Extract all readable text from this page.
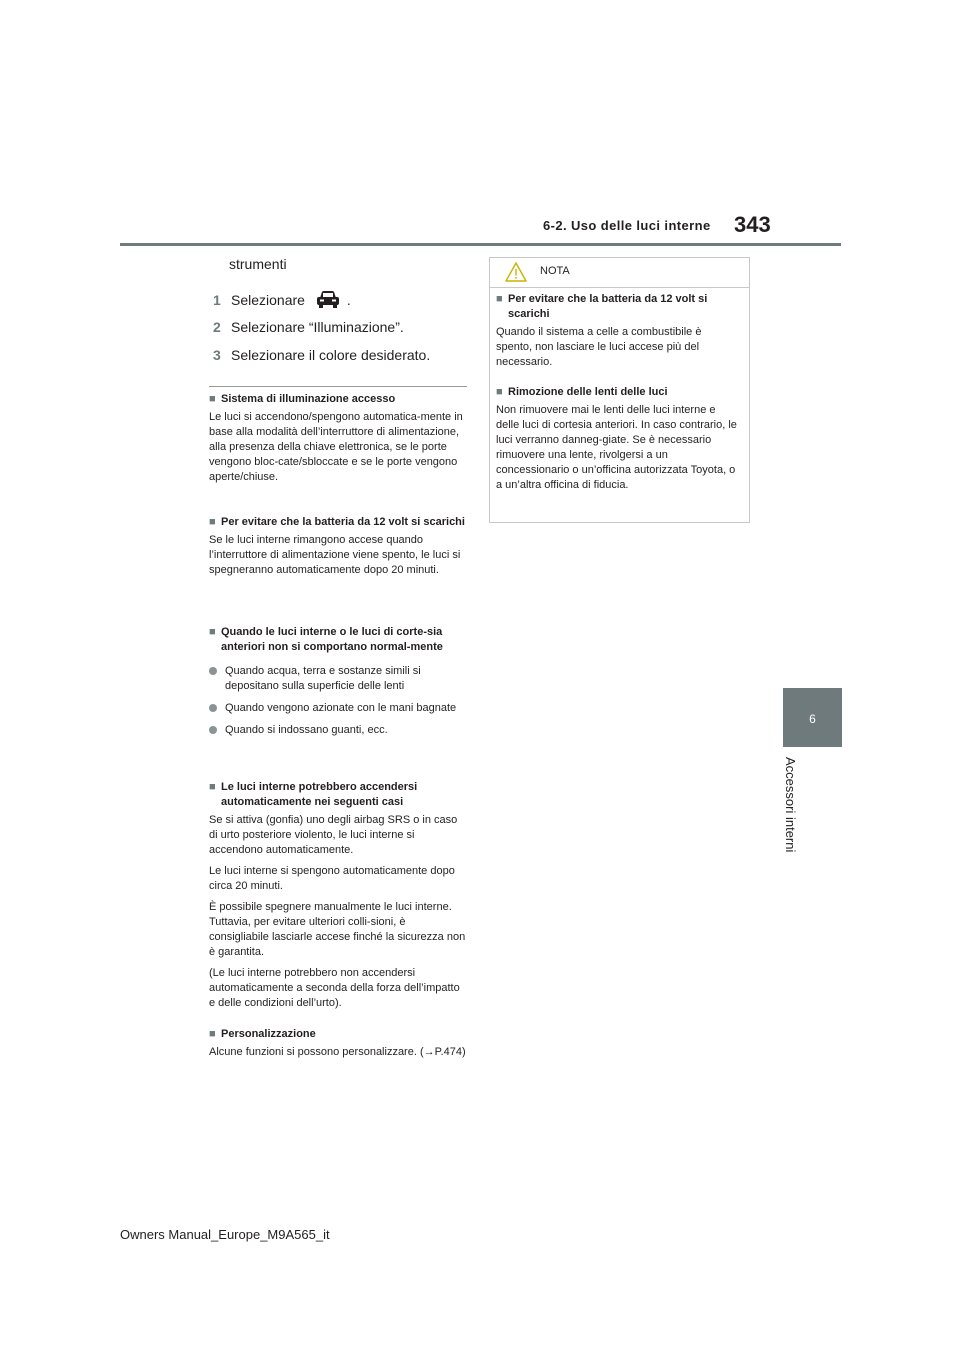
6-2. Uso delle luci interne 343
6
Accessori interni
strumenti
1 Selezionare	.
2 Selezionare “Illuminazione”.
3 Selezionare il colore desiderato.
■ Sistema di illuminazione accesso

Le luci si accendono/spengono automatica-mente in base alla modalità dell’interruttore di alimentazione, alla presenza della chiave elettronica, se le porte vengono bloc-cate/sbloccate e se le porte vengono aperte/chiuse.

■ Per evitare che la batteria da 12 volt si scarichi

Se le luci interne rimangono accese quando l’interruttore di alimentazione viene spento, le luci si spegneranno automaticamente dopo 20 minuti.

■ Quando le luci interne o le luci di corte-sia anteriori non si comportano normal-mente
Quando acqua, terra e sostanze simili si depositano sulla superficie delle lenti
Quando vengono azionate con le mani bagnate
Quando si indossano guanti, ecc.
■ Le luci interne potrebbero accendersi automaticamente nei seguenti casi

Se si attiva (gonfia) uno degli airbag SRS o in caso di urto posteriore violento, le luci interne si accendono automaticamente.

Le luci interne si spengono automaticamente dopo circa 20 minuti.

È possibile spegnere manualmente le luci interne. Tuttavia, per evitare ulteriori colli-sioni, è consigliabile lasciarle accese finché la sicurezza non è garantita.

(Le luci interne potrebbero non accendersi automaticamente a seconda della forza dell’impatto e delle condizioni dell’urto).

■ Personalizzazione

Alcune funzioni si possono personalizzare. (→P.474)

NOTA
■ Per evitare che la batteria da 12 volt si scarichi

Quando il sistema a celle a combustibile è spento, non lasciare le luci accese più del necessario.

■ Rimozione delle lenti delle luci

Non rimuovere mai le lenti delle luci interne e delle luci di cortesia anteriori. In caso contrario, le luci verranno danneg-giate. Se è necessario rimuovere una lente, rivolgersi a un concessionario o un’officina autorizzata Toyota, o a un’altra officina di fiducia.

Owners Manual_Europe_M9A565_it
